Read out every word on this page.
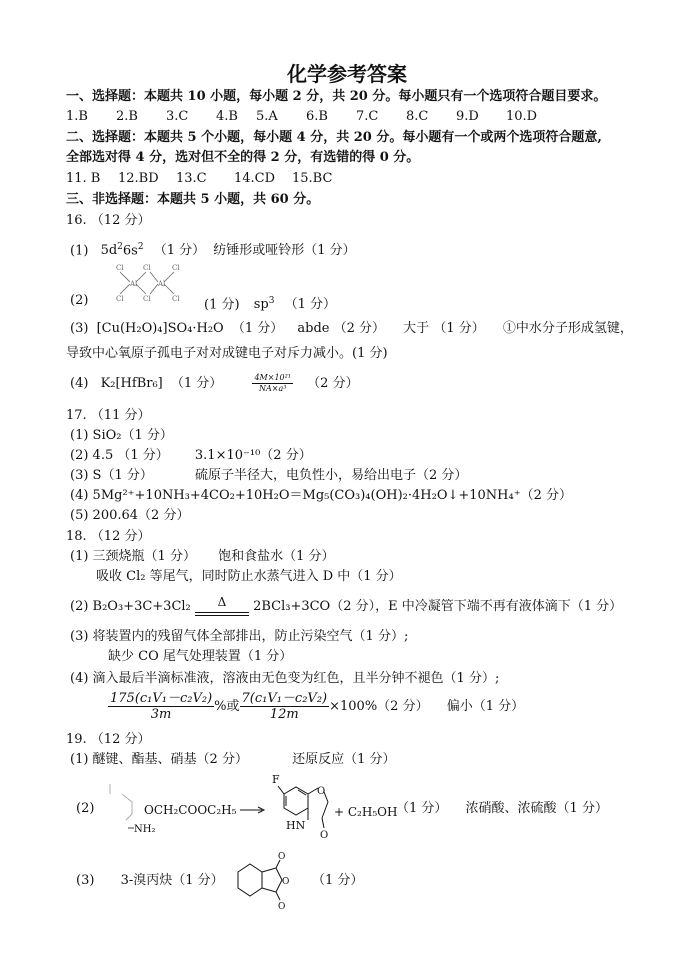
化学参考答案
一、选择题：本题共 10 小题，每小题 2 分，共 20 分。每小题只有一个选项符合题目要求。
1.B 2.B 3.C 4.B 5.A 6.B 7.C 8.C 9.D 10.D
二、选择题：本题共 5 个小题，每小题 4 分，共 20 分。每小题有一个或两个选项符合题意,
全部选对得 4 分，选对但不全的得 2 分，有选错的得 0 分。
11. B 12.BD 13.C 14.CD 15.BC
三、非选择题：本题共 5 小题，共 60 分。
16. （12 分）
(1) $5d^26s^2$ （1 分） 纺锤形或哑铃形（1 分）
Cl	Cl	Cl
Al	Al
Cl	Cl	Cl
(2)	(1 分) $sp^3$ （1 分）
(3) [Cu(H₂O)₄]SO₄·H₂O （1 分） abde （2 分） 大于 （1 分） ①中水分子形成氢键，
导致中心氧原子孤电子对对成键电子对斥力减小。(1 分)
(4) K₂[HfBr₆] （1 分）	$\frac{\text{4M×10²¹}}{\text{NA×a³}} (2$ 分）
17. （11 分）
(1) SiO₂（1 分）
(2) 4.5 （1 分） 3.1×10⁻¹⁰（2 分）
(3) S（1 分）	硫原子半径大，电负性小，易给出电子（2 分）
(4) 5Mg²⁺+10NH₃+4CO₂+10H₂O＝Mg₅(CO₃)₄(OH)₂·4H₂O↓+10NH₄⁺（2 分）
(5) 200.64（2 分）
18. （12 分）
(1) 三颈烧瓶（1 分） 饱和食盐水（1 分）
吸收 Cl₂ 等尾气，同时防止水蒸气进入 D 中（1 分）
(2) B₂O₃+3C+3Cl₂	Δ	2BCl₃+3CO（2 分），E 中冷凝管下端不再有液体滴下（1 分）
(3) 将装置内的残留气体全部排出，防止污染空气（1 分）;
缺少 CO 尾气处理装置（1 分）
(4) 滴入最后半滴标准液，溶液由无色变为红色，且半分钟不褪色（1 分）;
$\frac{\text{175(c₁V₁－c₂V₂)}}{3m}$ %或 $\frac{\text{7(c₁V₁－c₂V₂)}}{12m} \times 100\%(2$ 分） 偏小（1 分）
19. （12 分）
(1) 醚键、酯基、硝基（2 分）	还原反应（1 分）
(2)	OCH₂COOC₂H₅
NH₂
F
O
HN
O
+ C₂H₅OH
（1 分） 浓硝酸、浓硫酸（1 分）
(3) 3-溴丙炔（1 分）
O
O
O
（1 分）
